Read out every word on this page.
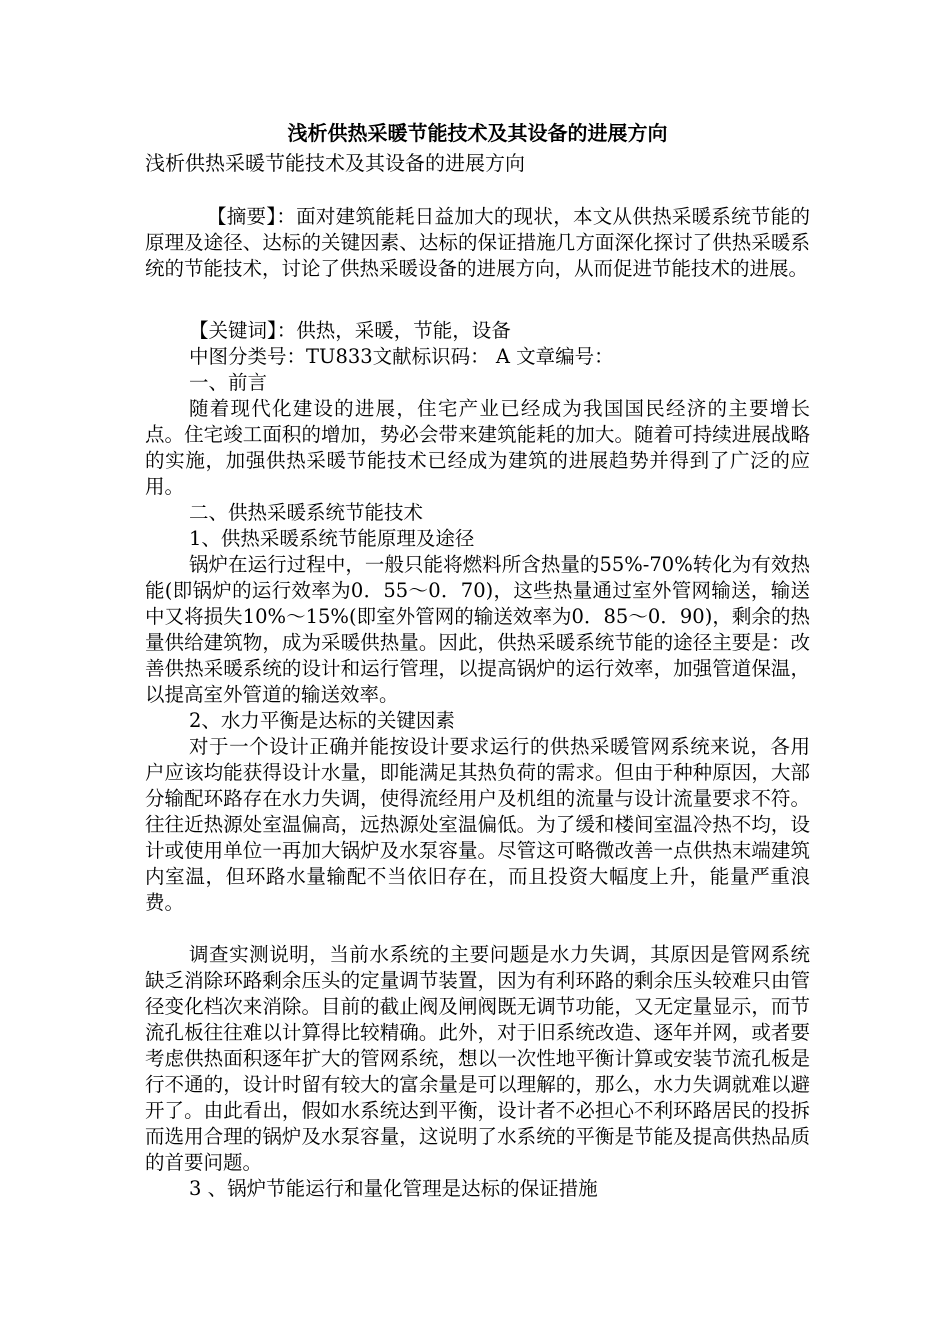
浅析供热采暖节能技术及其设备的进展方向

浅析供热采暖节能技术及其设备的进展方向

【摘要】：面对建筑能耗日益加大的现状，本文从供热采暖系统节能的原理及途径、达标的关键因素、达标的保证措施几方面深化探讨了供热采暖系统的节能技术，讨论了供热采暖设备的进展方向，从而促进节能技术的进展。

【关键词】：供热，采暖，节能，设备

中图分类号：TU833文献标识码： A 文章编号：

一、前言

随着现代化建设的进展，住宅产业已经成为我国国民经济的主要增长点。住宅竣工面积的增加，势必会带来建筑能耗的加大。随着可持续进展战略的实施，加强供热采暖节能技术已经成为建筑的进展趋势并得到了广泛的应用。

二、供热采暖系统节能技术

1、供热采暖系统节能原理及途径

锅炉在运行过程中，一般只能将燃料所含热量的55%-70%转化为有效热能(即锅炉的运行效率为0．55～0．70)，这些热量通过室外管网输送，输送中又将损失10%～15%(即室外管网的输送效率为0．85～0．90)，剩余的热量供给建筑物，成为采暖供热量。因此，供热采暖系统节能的途径主要是：改善供热采暖系统的设计和运行管理，以提高锅炉的运行效率，加强管道保温，以提高室外管道的输送效率。

2、水力平衡是达标的关键因素

对于一个设计正确并能按设计要求运行的供热采暖管网系统来说，各用户应该均能获得设计水量，即能满足其热负荷的需求。但由于种种原因，大部分输配环路存在水力失调，使得流经用户及机组的流量与设计流量要求不符。往往近热源处室温偏高，远热源处室温偏低。为了缓和楼间室温冷热不均，设计或使用单位一再加大锅炉及水泵容量。尽管这可略微改善一点供热末端建筑内室温，但环路水量输配不当依旧存在，而且投资大幅度上升，能量严重浪费。

调查实测说明，当前水系统的主要问题是水力失调，其原因是管网系统缺乏消除环路剩余压头的定量调节装置，因为有利环路的剩余压头较难只由管径变化档次来消除。目前的截止阀及闸阀既无调节功能，又无定量显示，而节流孔板往往难以计算得比较精确。此外，对于旧系统改造、逐年并网，或者要考虑供热面积逐年扩大的管网系统，想以一次性地平衡计算或安装节流孔板是行不通的，设计时留有较大的富余量是可以理解的，那么，水力失调就难以避开了。由此看出，假如水系统达到平衡，设计者不必担心不利环路居民的投拆而选用合理的锅炉及水泵容量，这说明了水系统的平衡是节能及提高供热品质的首要问题。

3 、锅炉节能运行和量化管理是达标的保证措施
